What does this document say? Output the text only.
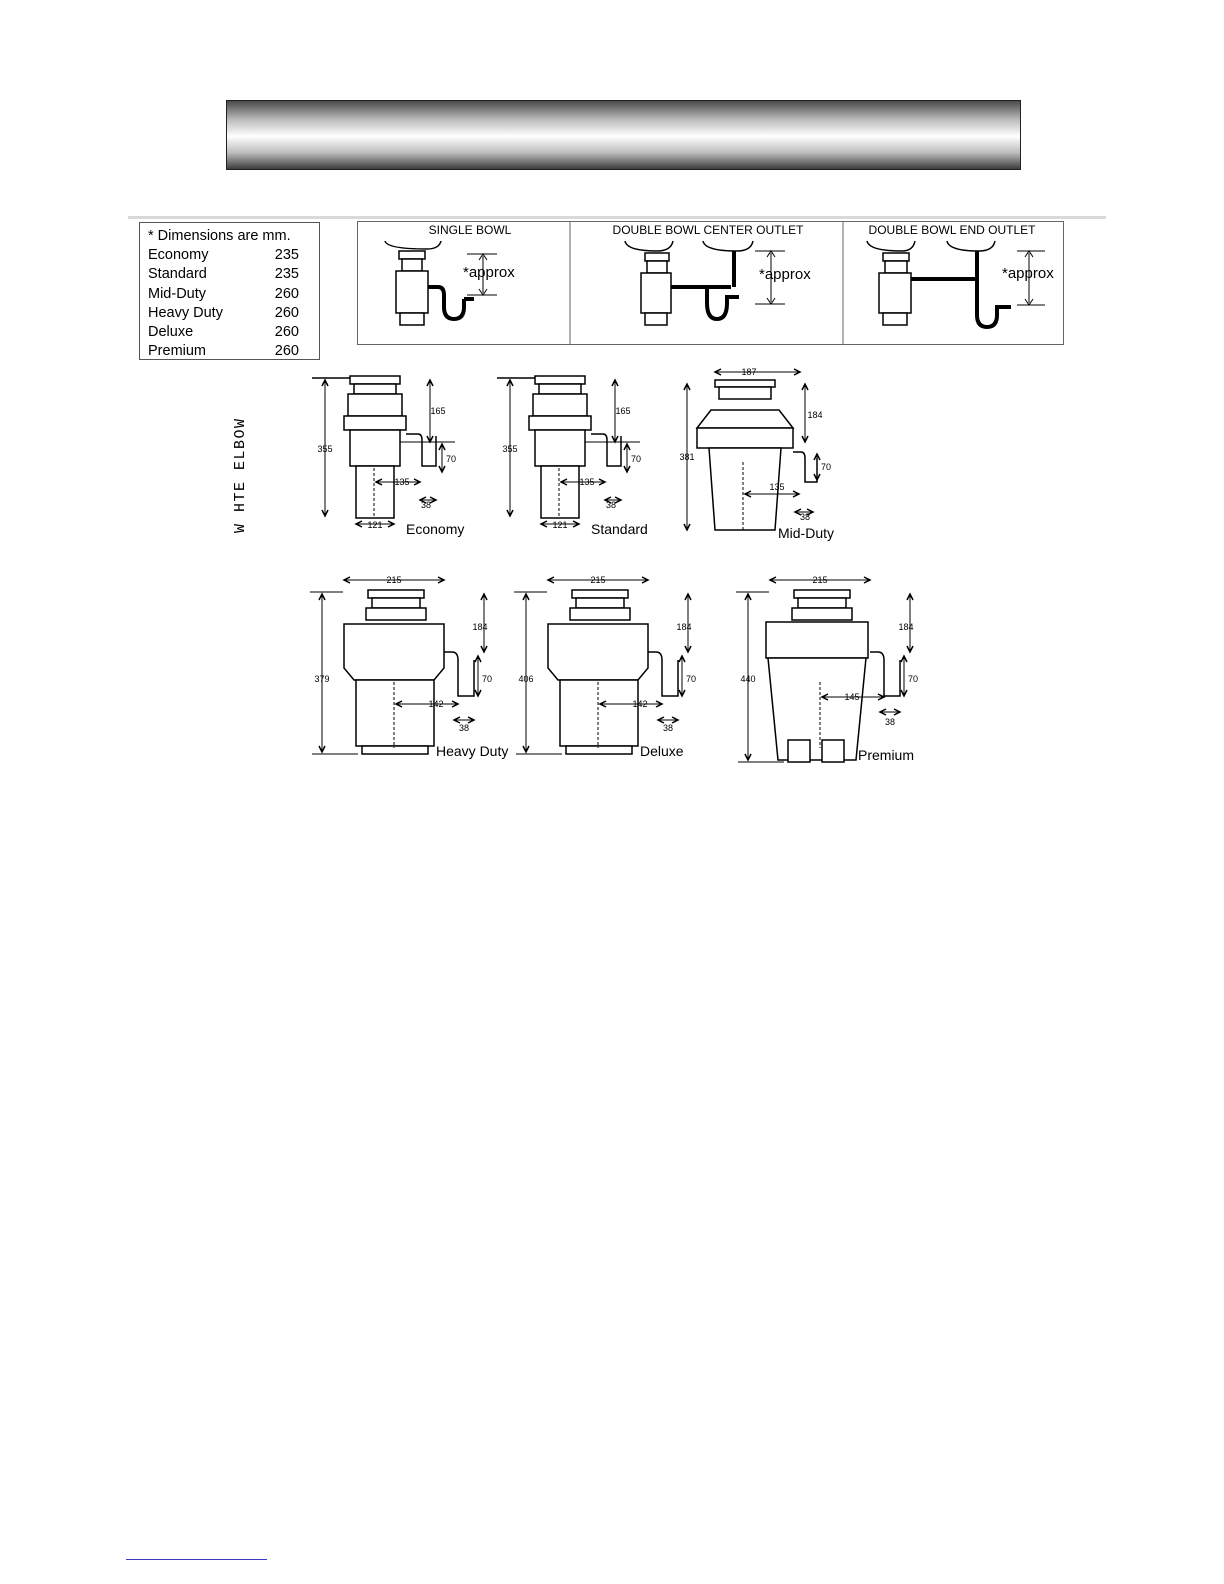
* Dimensions are mm.
Economy	235
Standard	235
Mid-Duty	260
Heavy Duty	260
Deluxe	260
Premium	260
SINGLE BOWL
*approx
DOUBLE BOWL CENTER OUTLET
*approx
DOUBLE BOWL END OUTLET
*approx
W HTE ELBOW	355
165
70
135
38
121 Economy
355
165
70
135
38
121 Standard
187
381
184
70
135
38
Mid-Duty
215
379
184
70
142
38
Heavy Duty
215
406
184
70
142
38
Deluxe
215
440
184
70
145
38
Premium
